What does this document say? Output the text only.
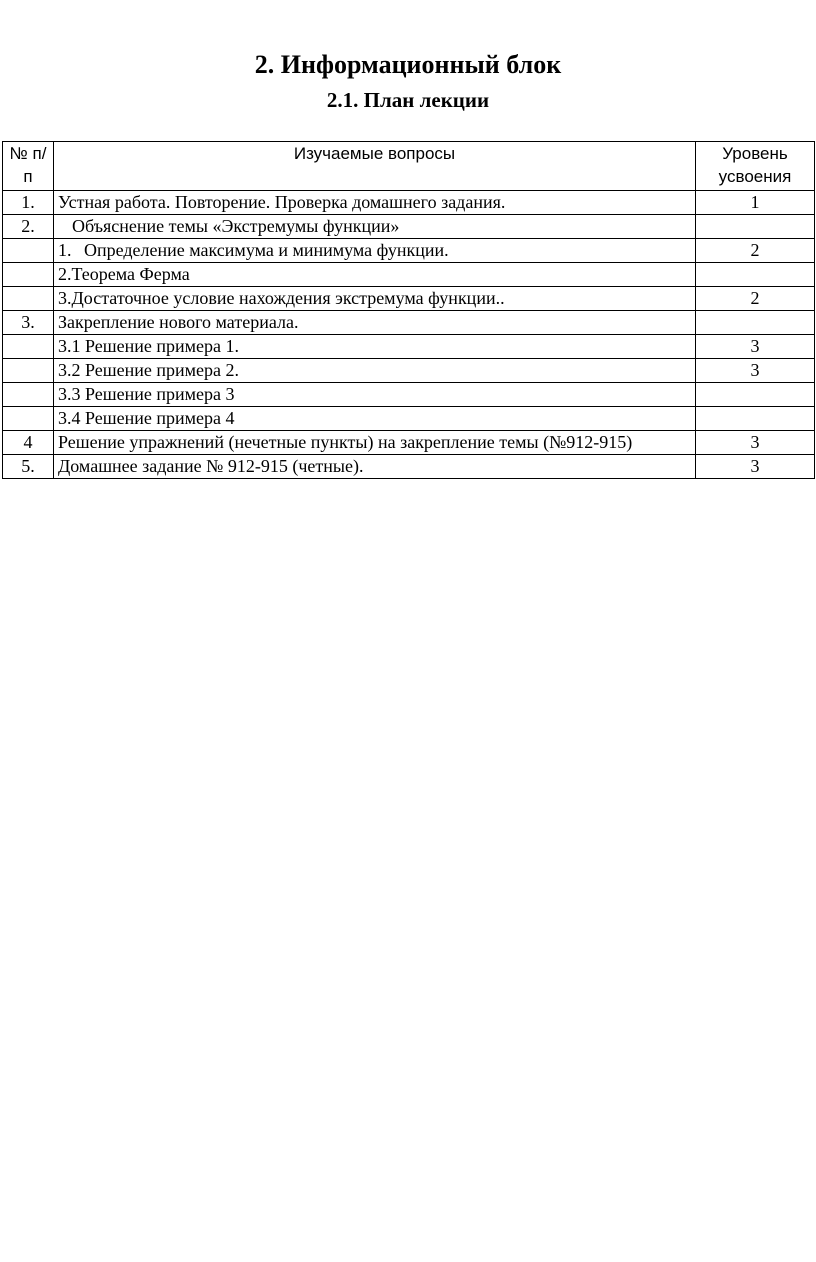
2. Информационный блок
2.1. План лекции
№ п/п	Изучаемые вопросы	Уровень усвоения
1.	Устная работа. Повторение. Проверка домашнего задания.	1
2.	Объяснение темы «Экстремумы функции»	
	1. Определение максимума и минимума функции.	2
	2.Теорема Ферма	
	3.Достаточное условие нахождения экстремума функции..	2
3.	Закрепление нового материала.	
	3.1 Решение примера 1.	3
	3.2 Решение примера 2.	3
	3.3 Решение примера 3	
	3.4 Решение примера 4	
4	Решение упражнений (нечетные пункты) на закрепление темы (№912-915)	3
5.	Домашнее задание № 912-915 (четные).	3
